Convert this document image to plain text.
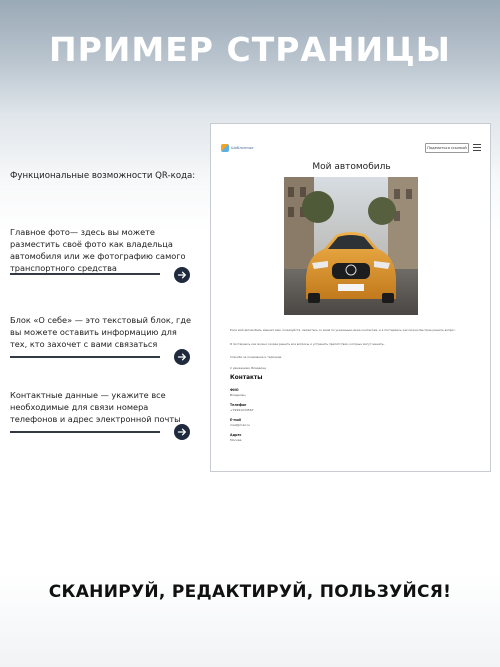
ПРИМЕР СТРАНИЦЫ
Функциональные возможности QR-кода:
Главное фото— здесь вы можете разместить своё фото как владельца автомобиля или же фотографию самого транспортного средства
Блок «О себе» — это текстовый блок, где вы можете оставить информацию для тех, кто захочет с вами связаться
Контактные данные — укажите все необходимые для связи номера телефонов и адрес электронной почты
Шаблонные	Поделиться ссылкой
Мой автомобиль
Если мой автомобиль мешает вам, пожалуйста, свяжитесь со мной по указанным ниже контактам, и я постараюсь как можно быстрее решить вопрос.
Я постараюсь как можно скорее решить все вопросы и устранить препятствия, которые могут мешать.
Спасибо за понимание и терпение.
С уважением, Владелец
Контакты
ФИО
Владелец
Телефон
+79991234567
E-mail
mail@mail.ru
Адрес
Москва
СКАНИРУЙ, РЕДАКТИРУЙ, ПОЛЬЗУЙСЯ!
